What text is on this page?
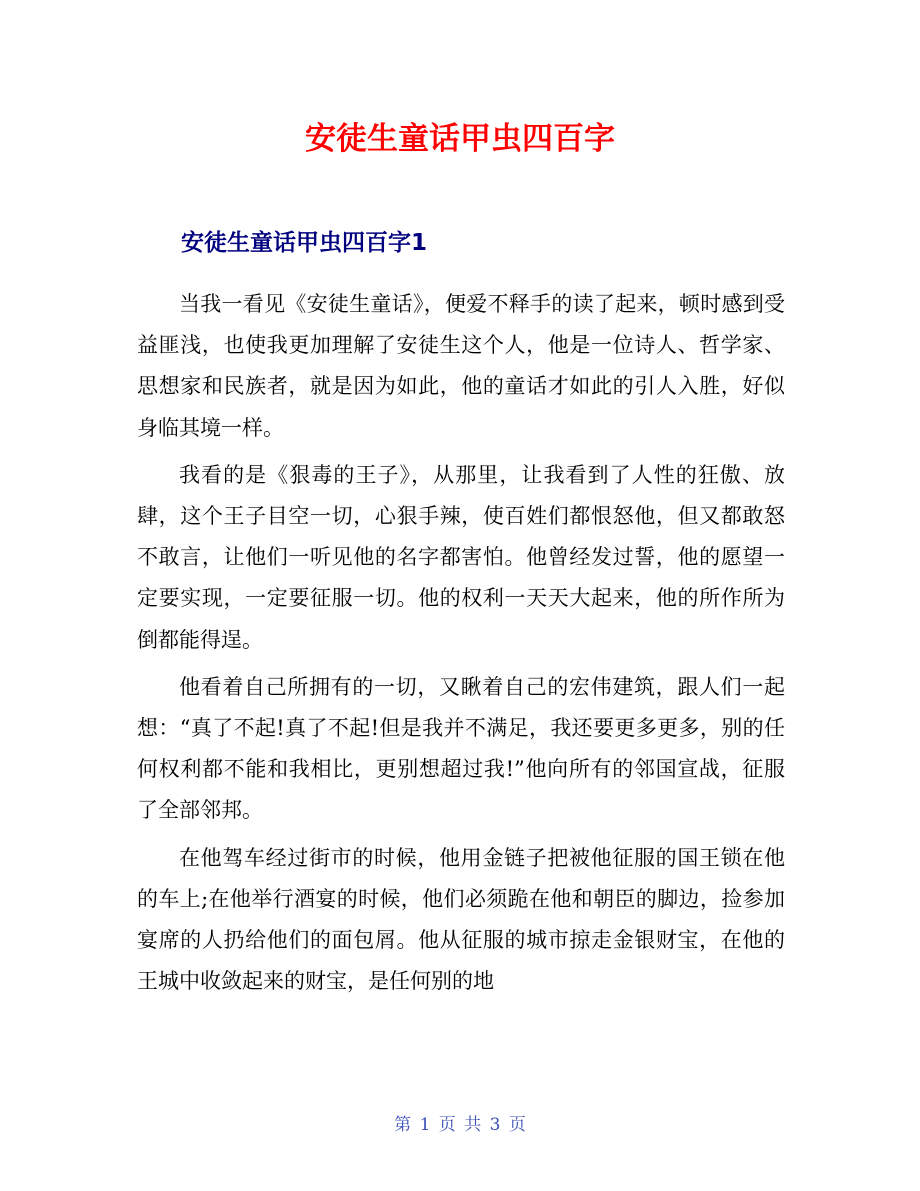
安徒生童话甲虫四百字
安徒生童话甲虫四百字1

当我一看见《安徒生童话》，便爱不释手的读了起来，顿时感到受益匪浅，也使我更加理解了安徒生这个人，他是一位诗人、哲学家、思想家和民族者，就是因为如此，他的童话才如此的引人入胜，好似身临其境一样。

我看的是《狠毒的王子》，从那里，让我看到了人性的狂傲、放肆，这个王子目空一切，心狠手辣，使百姓们都恨怒他，但又都敢怒不敢言，让他们一听见他的名字都害怕。他曾经发过誓，他的愿望一定要实现，一定要征服一切。他的权利一天天大起来，他的所作所为倒都能得逞。

他看着自己所拥有的一切，又瞅着自己的宏伟建筑，跟人们一起想：“真了不起!真了不起!但是我并不满足，我还要更多更多，别的任何权利都不能和我相比，更别想超过我!”他向所有的邻国宣战，征服了全部邻邦。

在他驾车经过街市的时候，他用金链子把被他征服的国王锁在他的车上;在他举行酒宴的时候，他们必须跪在他和朝臣的脚边，捡参加宴席的人扔给他们的面包屑。他从征服的城市掠走金银财宝，在他的王城中收敛起来的财宝，是任何别的地

第 1 页 共 3 页
